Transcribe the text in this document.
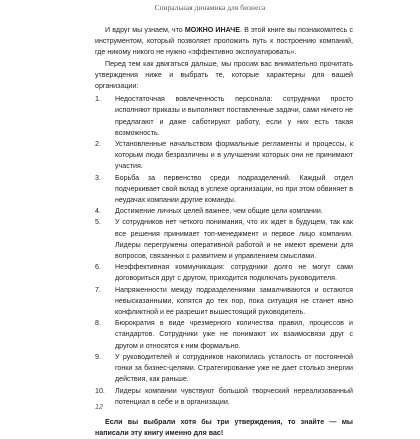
Спиральная динамика для бизнеса

И вдруг мы узнаем, что МОЖНО ИНАЧЕ. В этой книге вы познакомитесь с инструментом, который позволяет проложить путь к построению компаний, где никому никого не нужно «эффективно эксплуатировать».

Перед тем как двигаться дальше, мы просим вас внимательно прочитать утверждения ниже и выбрать те, которые характерны для вашей организации:

1.	Недостаточная вовлеченность персонала: сотрудники просто исполняют приказы и выполняют поставленные задачи, сами ничего не предлагают и даже саботируют работу, если у них есть такая возможность.
2.	Установленные начальством формальные регламенты и процессы, к которым люди безразличны и в улучшении которых они не принимают участия.
3.	Борьба за первенство среди подразделений. Каждый отдел подчеркивает свой вклад в успехе организации, но при этом обвиняет в неудачах компании другие команды.
4.	Достижение личных целей важнее, чем общие цели компании.
5.	У сотрудников нет четкого понимания, что их ждет в будущем, так как все решения принимает топ-менеджмент и первое лицо компании. Лидеры перегружены оперативной работой и не имеют времени для вопросов, связанных с развитием и управлением смыслами.
6.	Неэффективная коммуникация: сотрудники долго не могут сами договориться друг с другом, приходится подключать руководителя.
7.	Напряженности между подразделениями замалчиваются и остаются невысказанными, копятся до тех пор, пока ситуация не станет явно конфликтной и ее разрешит вышестоящий руководитель.
8.	Бюрократия в виде чрезмерного количества правил, процессов и стандартов. Сотрудники уже не понимают их взаимосвязи друг с другом и относятся к ним формально.
9.	У руководителей и сотрудников накопилась усталость от постоянной гонки за бизнес-целями. Стратегирование уже не дает столько энергии действия, как раньше.
10.	Лидеры компании чувствуют большой творческий нереализованный потенциал в себе и в организации.

Если вы выбрали хотя бы три утверждения, то знайте — мы написали эту книгу именно для вас!

12
